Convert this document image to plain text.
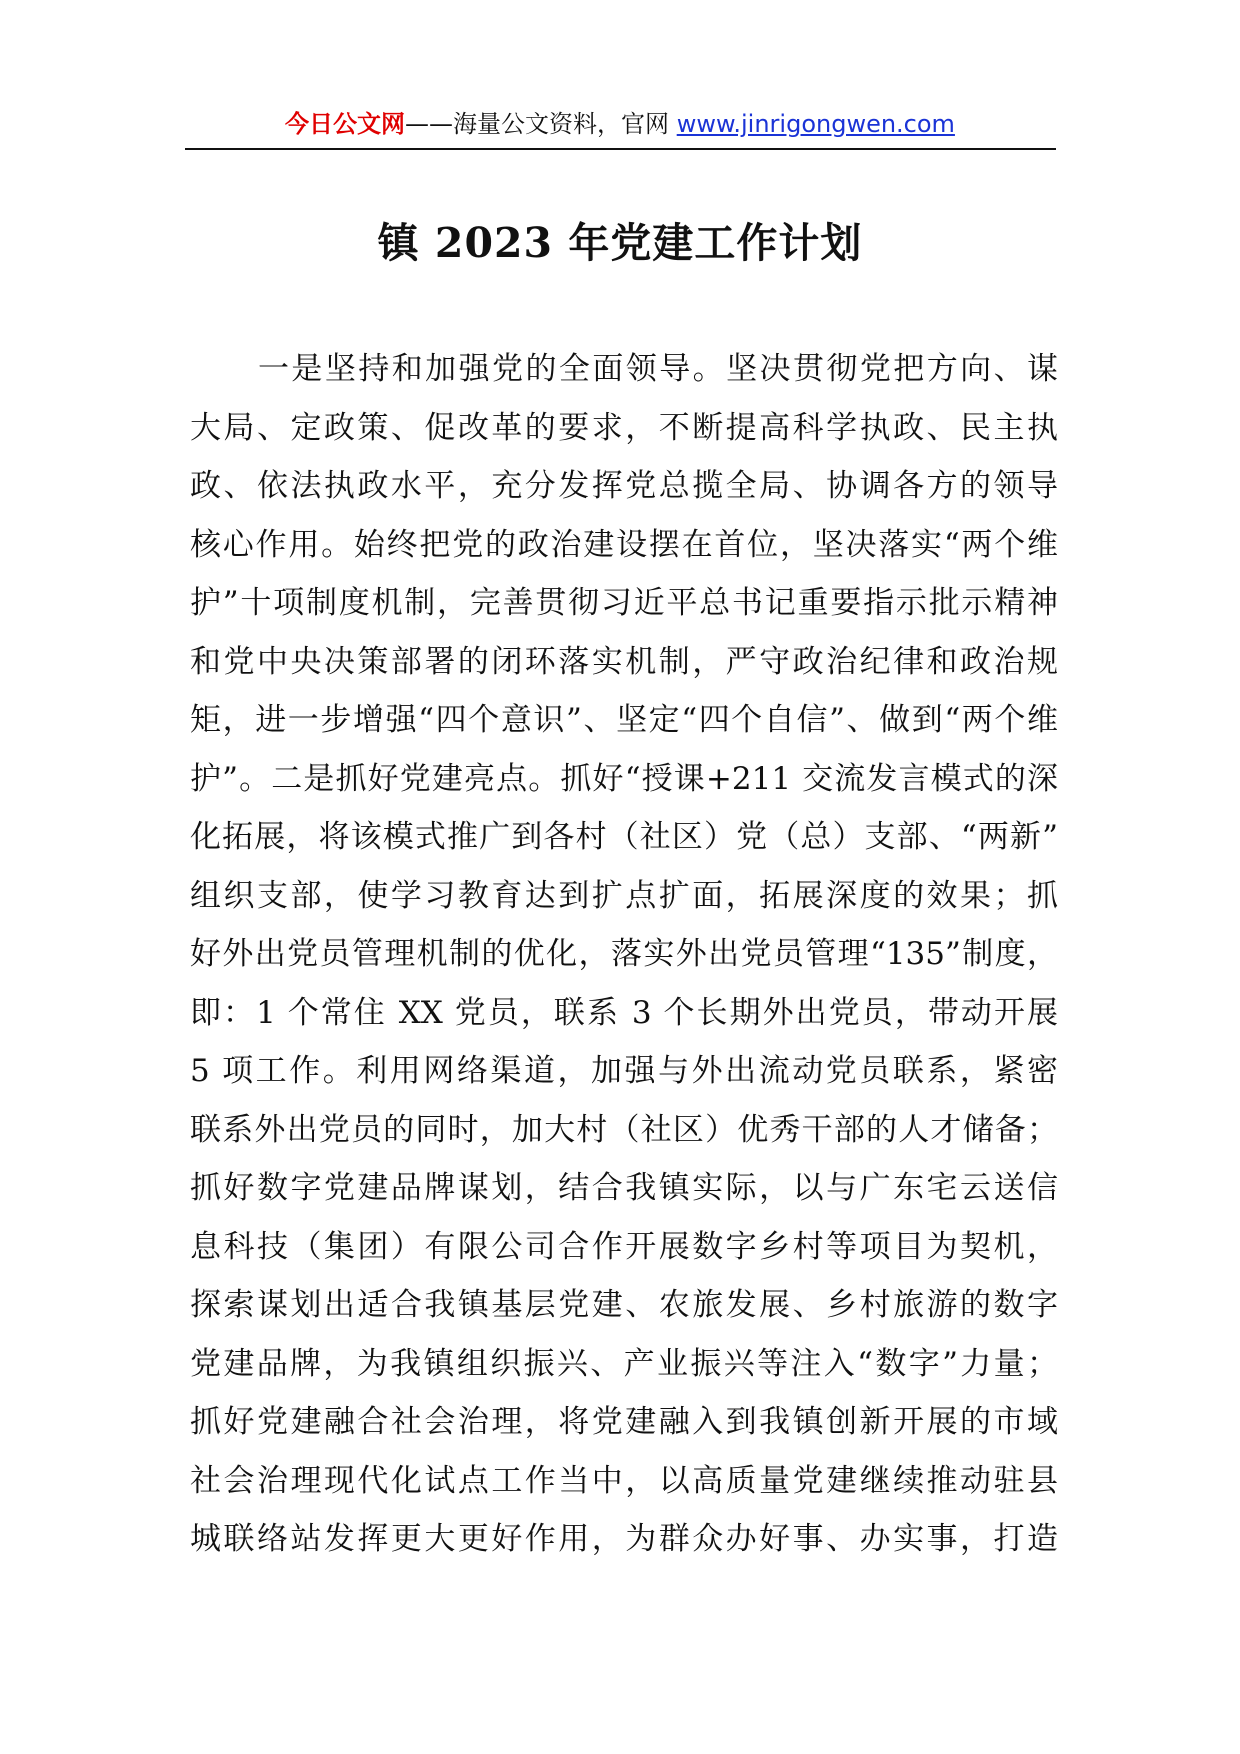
今日公文网——海量公文资料，官网 www.jinrigongwen.com
镇 2023 年党建工作计划
一是坚持和加强党的全面领导。坚决贯彻党把方向、谋
大局、定政策、促改革的要求，不断提高科学执政、民主执
政、依法执政水平，充分发挥党总揽全局、协调各方的领导
核心作用。始终把党的政治建设摆在首位，坚决落实“两个维
护”十项制度机制，完善贯彻习近平总书记重要指示批示精神
和党中央决策部署的闭环落实机制，严守政治纪律和政治规
矩，进一步增强“四个意识”、坚定“四个自信”、做到“两个维
护”。二是抓好党建亮点。抓好“授课+211 交流发言模式的深
化拓展，将该模式推广到各村（社区）党（总）支部、“两新”
组织支部，使学习教育达到扩点扩面，拓展深度的效果；抓
好外出党员管理机制的优化，落实外出党员管理“135”制度，
即：1 个常住 XX 党员，联系 3 个长期外出党员，带动开展
5 项工作。利用网络渠道，加强与外出流动党员联系，紧密
联系外出党员的同时，加大村（社区）优秀干部的人才储备；
抓好数字党建品牌谋划，结合我镇实际，以与广东宅云送信
息科技（集团）有限公司合作开展数字乡村等项目为契机，
探索谋划出适合我镇基层党建、农旅发展、乡村旅游的数字
党建品牌，为我镇组织振兴、产业振兴等注入“数字”力量；
抓好党建融合社会治理，将党建融入到我镇创新开展的市域
社会治理现代化试点工作当中，以高质量党建继续推动驻县
城联络站发挥更大更好作用，为群众办好事、办实事，打造
